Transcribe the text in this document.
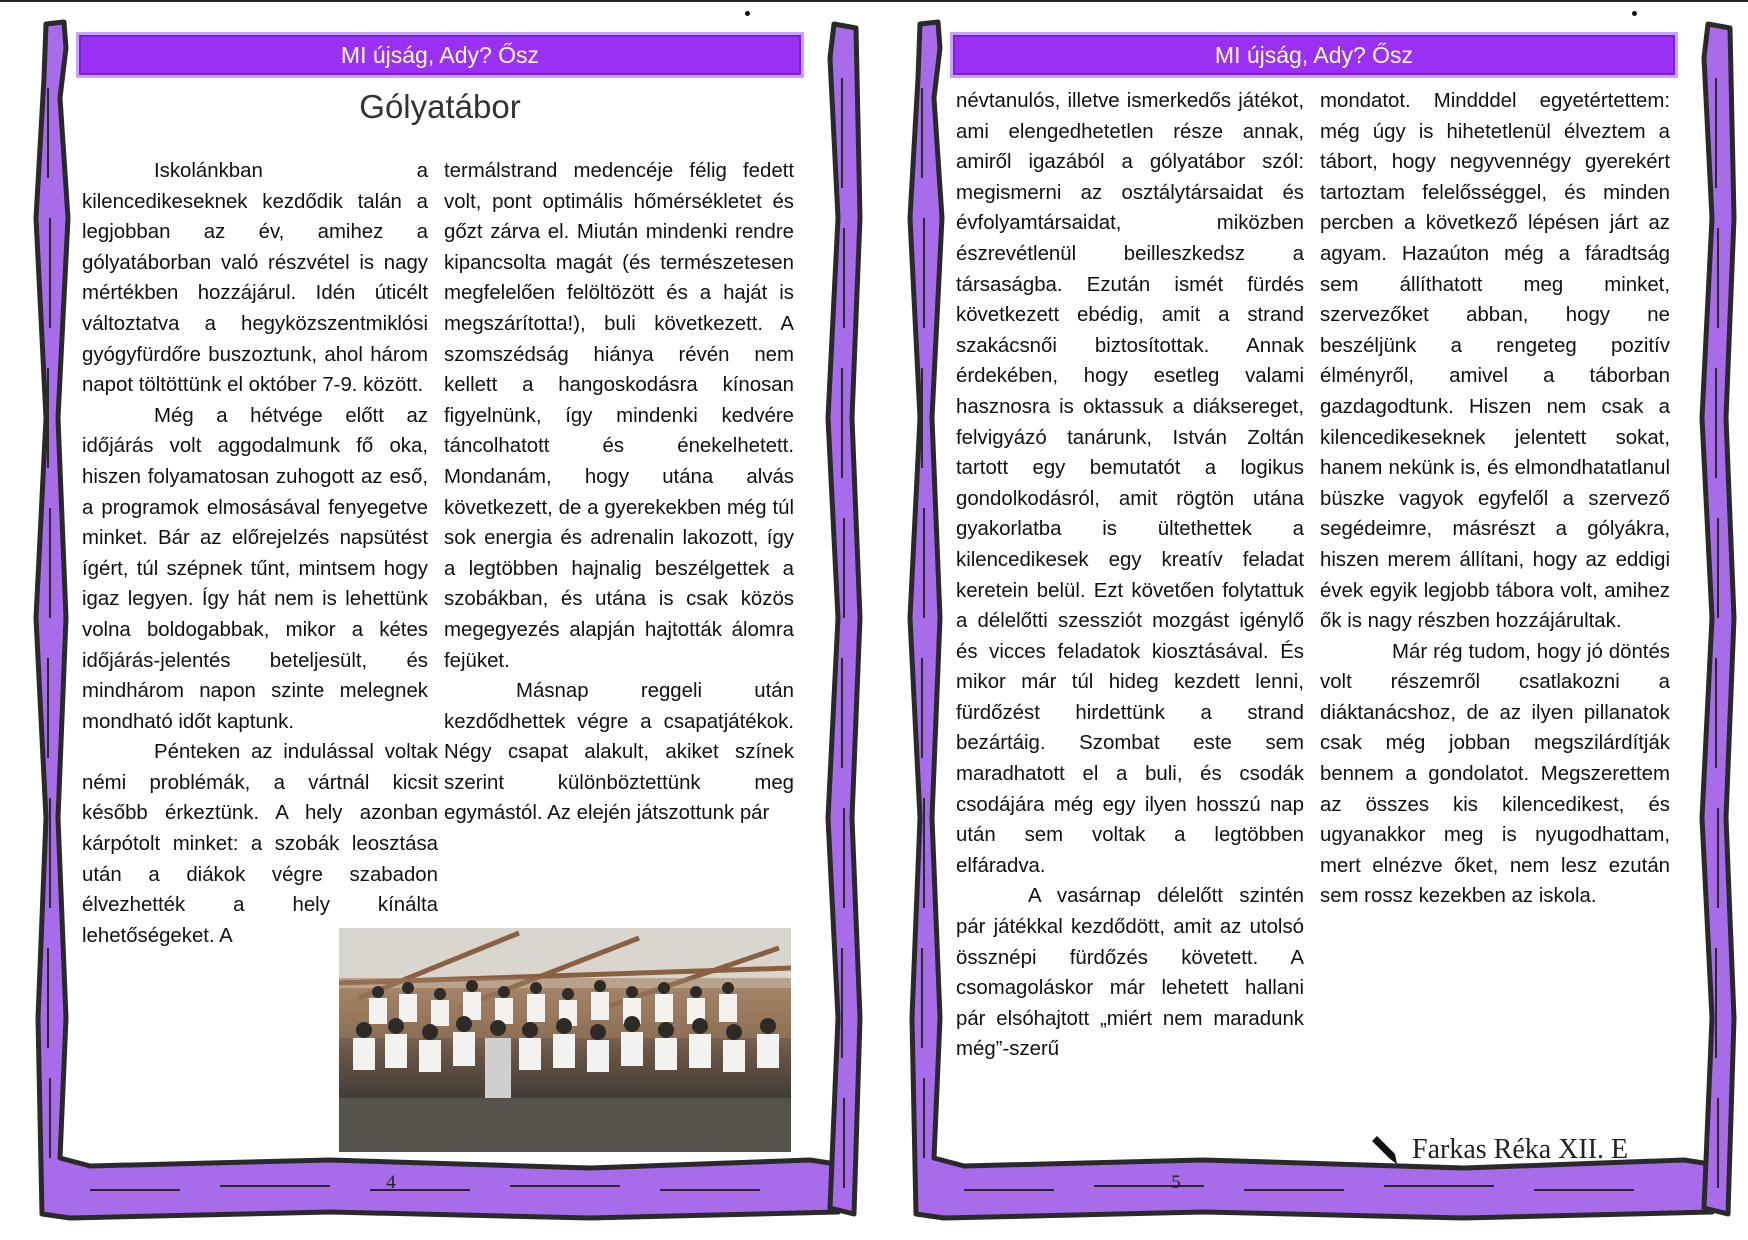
MI újság, Ady? Ősz
Gólyatábor

Iskolánkban a kilencedikeseknek kezdődik talán a legjobban az év, amihez a gólyatáborban való részvétel is nagy mértékben hozzájárul. Idén úticélt változtatva a hegyközszentmiklósi gyógyfürdőre buszoztunk, ahol három napot töltöttünk el október 7-9. között.

Még a hétvége előtt az időjárás volt aggodalmunk fő oka, hiszen folyamatosan zuhogott az eső, a programok elmosásával fenyegetve minket. Bár az előrejelzés napsütést ígért, túl szépnek tűnt, mintsem hogy igaz legyen. Így hát nem is lehettünk volna boldogabbak, mikor a kétes időjárás-jelentés beteljesült, és mindhárom napon szinte melegnek mondható időt kaptunk.

Pénteken az indulással voltak némi problémák, a vártnál kicsit később érkeztünk. A hely azonban kárpótolt minket: a szobák leosztása után a diákok végre szabadon élvezhették a hely kínálta lehetőségeket. A

termálstrand medencéje félig fedett volt, pont optimális hőmérsékletet és gőzt zárva el. Miután mindenki rendre kipancsolta magát (és természetesen megfelelően felöltözött és a haját is megszárította!), buli következett. A szomszédság hiánya révén nem kellett a hangoskodásra kínosan figyelnünk, így mindenki kedvére táncolhatott és énekelhetett. Mondanám, hogy utána alvás következett, de a gyerekekben még túl sok energia és adrenalin lakozott, így a legtöbben hajnalig beszélgettek a szobákban, és utána is csak közös megegyezés alapján hajtották álomra fejüket.

Másnap reggeli után kezdődhettek végre a csapatjátékok. Négy csapat alakult, akiket színek szerint különböztettünk meg egymástól. Az elején játszottunk pár

4
MI újság, Ady? Ősz

névtanulós, illetve ismerkedős játékot, ami elengedhetetlen része annak, amiről igazából a gólyatábor szól: megismerni az osztálytársaidat és évfolyamtársaidat, miközben észrevétlenül beilleszkedsz a társaságba. Ezután ismét fürdés következett ebédig, amit a strand szakácsnői biztosítottak. Annak érdekében, hogy esetleg valami hasznosra is oktassuk a diáksereget, felvigyázó tanárunk, István Zoltán tartott egy bemutatót a logikus gondolkodásról, amit rögtön utána gyakorlatba is ültethettek a kilencedikesek egy kreatív feladat keretein belül. Ezt követően folytattuk a délelőtti szessziót mozgást igénylő és vicces feladatok kiosztásával. És mikor már túl hideg kezdett lenni, fürdőzést hirdettünk a strand bezártáig. Szombat este sem maradhatott el a buli, és csodák csodájára még egy ilyen hosszú nap után sem voltak a legtöbben elfáradva.

A vasárnap délelőtt szintén pár játékkal kezdődött, amit az utolsó össznépi fürdőzés követett. A csomagoláskor már lehetett hallani pár elsóhajtott „miért nem maradunk még”-szerű

mondatot. Mindddel egyetértettem: még úgy is hihetetlenül élveztem a tábort, hogy negyvennégy gyerekért tartoztam felelősséggel, és minden percben a következő lépésen járt az agyam. Hazaúton még a fáradtság sem állíthatott meg minket, szervezőket abban, hogy ne beszéljünk a rengeteg pozitív élményről, amivel a táborban gazdagodtunk. Hiszen nem csak a kilencedikeseknek jelentett sokat, hanem nekünk is, és elmondhatatlanul büszke vagyok egyfelől a szervező segédeimre, másrészt a gólyákra, hiszen merem állítani, hogy az eddigi évek egyik legjobb tábora volt, amihez ők is nagy részben hozzájárultak.

Már rég tudom, hogy jó döntés volt részemről csatlakozni a diáktanácshoz, de az ilyen pillanatok csak még jobban megszilárdítják bennem a gondolatot. Megszerettem az összes kis kilencedikest, és ugyanakkor meg is nyugodhattam, mert elnézve őket, nem lesz ezután sem rossz kezekben az iskola.

Farkas Réka XII. E
5
